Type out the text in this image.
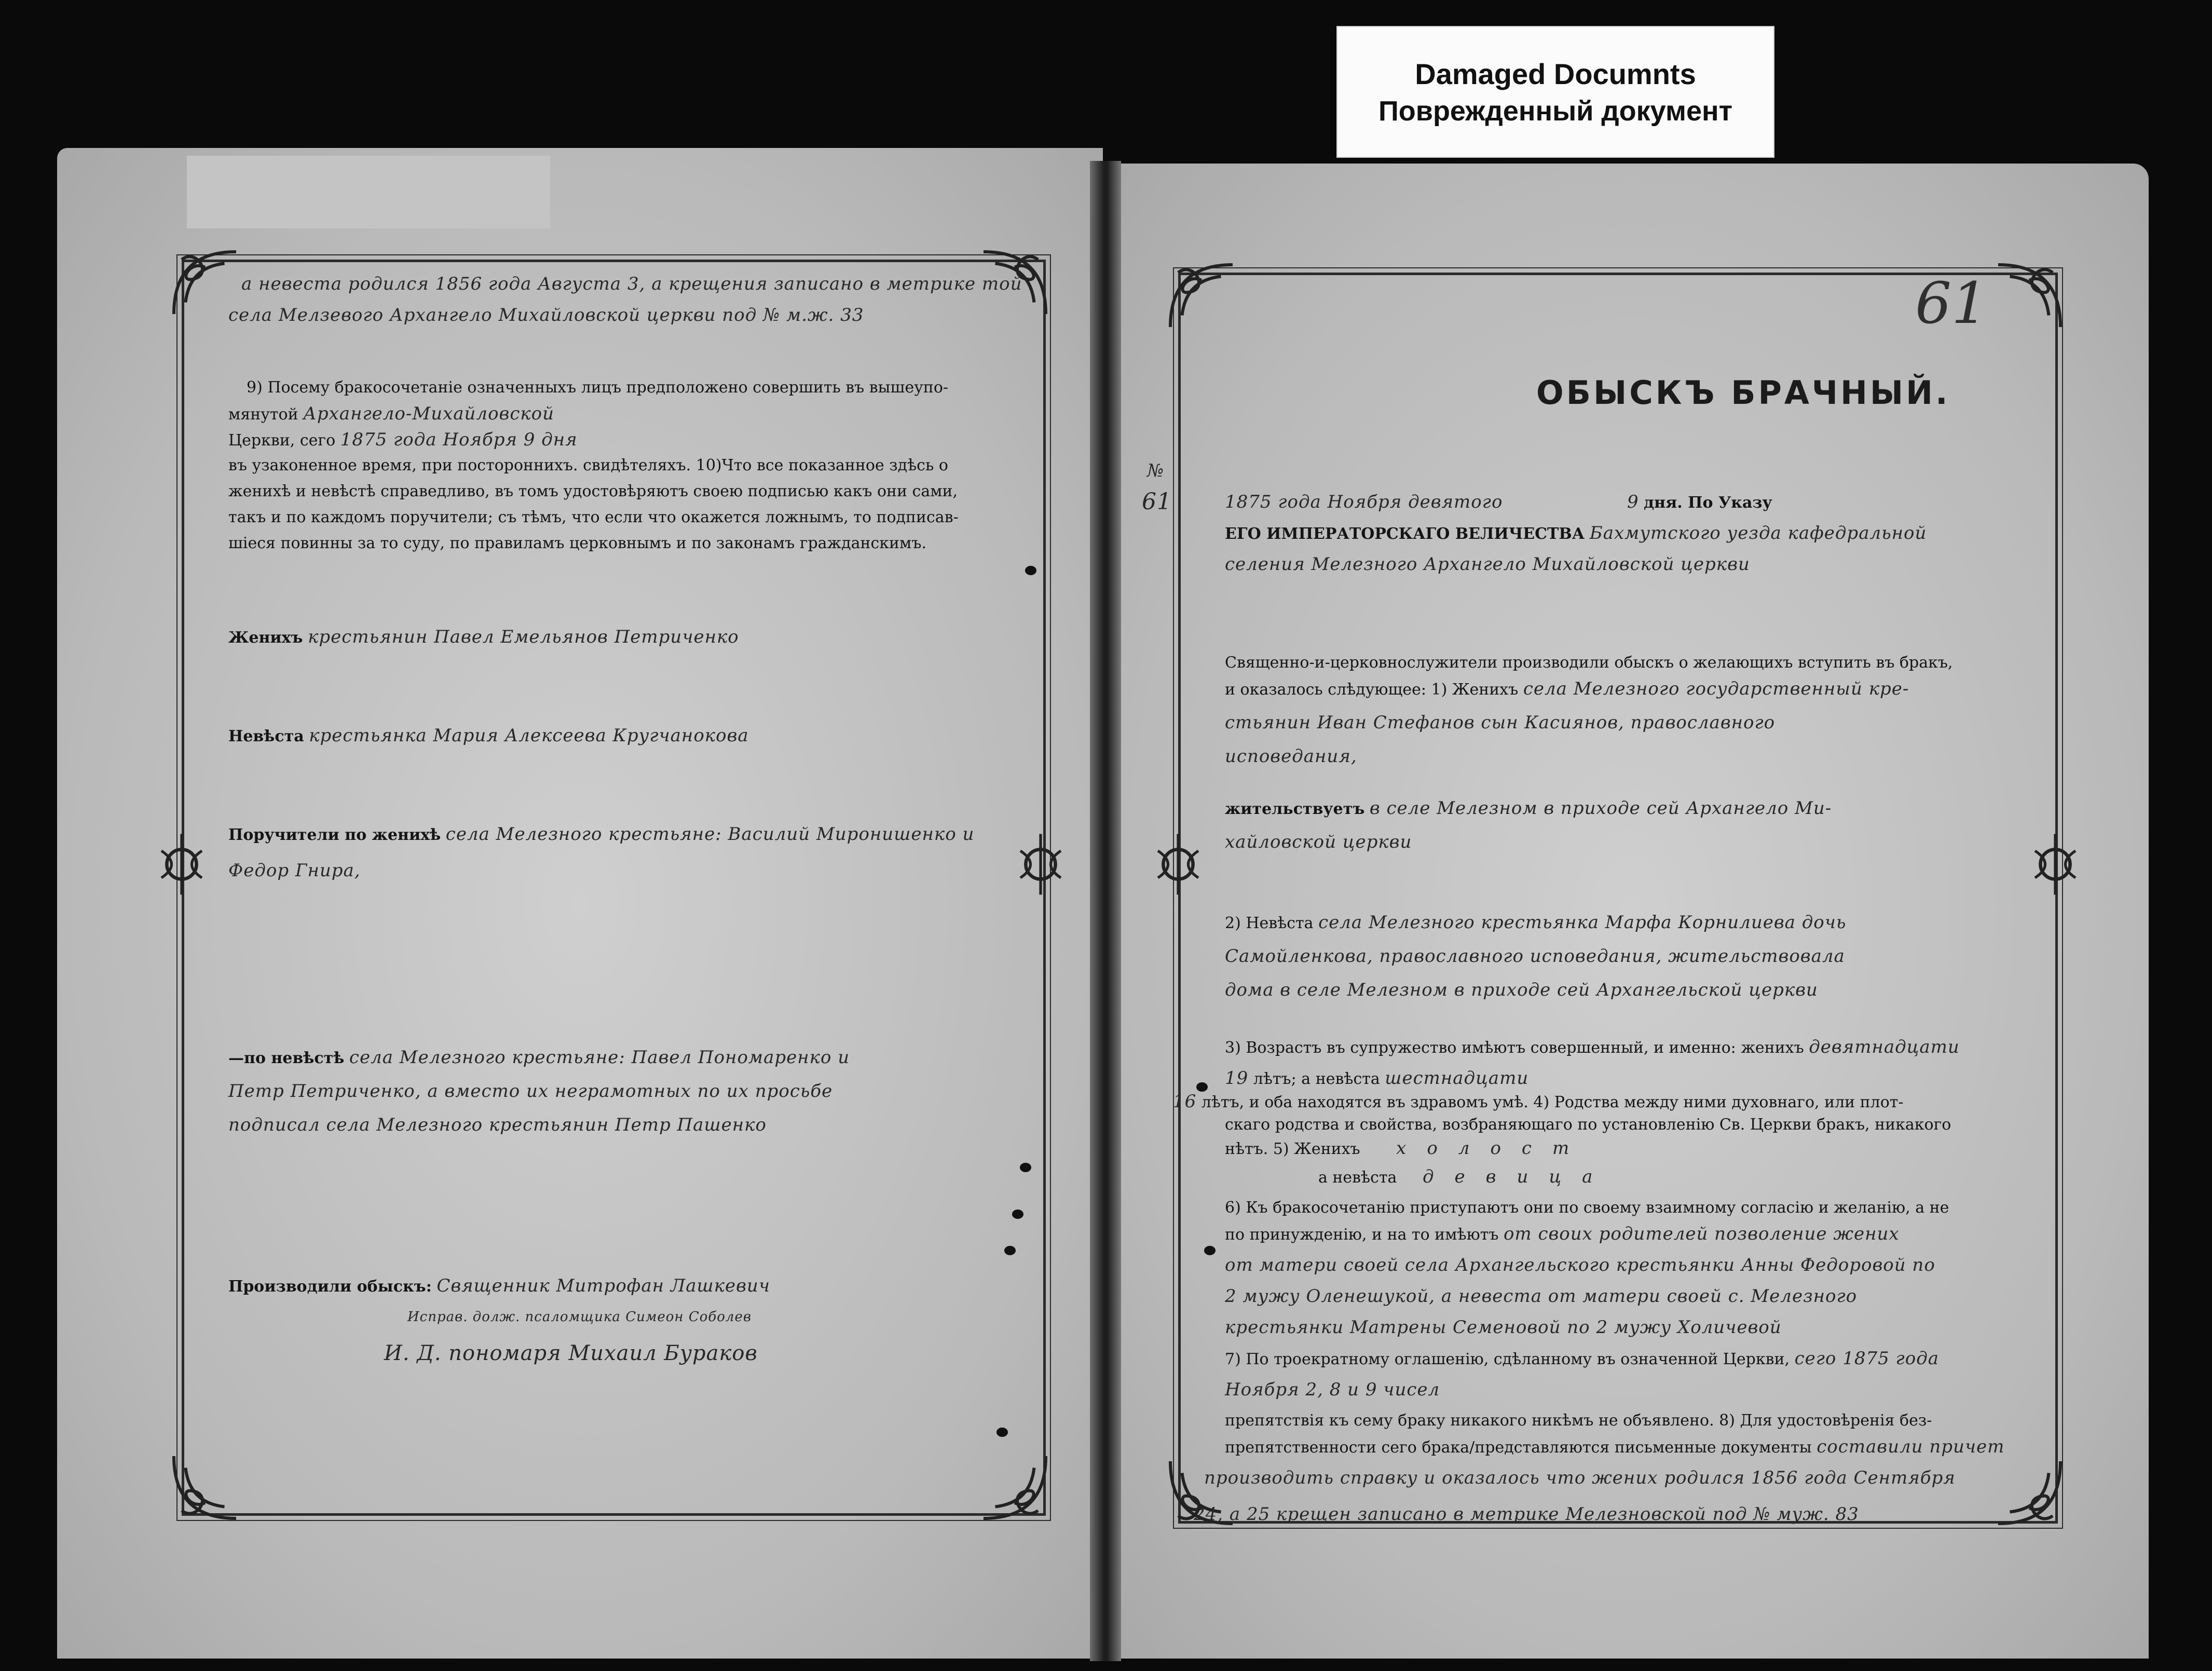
Damaged Documnts
Поврежденный документ
а невеста родился 1856 года Августа 3, а крещения записано в метрике той
села Мелзевого Архангело Михайловской церкви под № м.ж. 33
9) Посему бракосочетаніе означенныхъ лицъ предположено совершить въ вышеупо-
мянутой Архангело-Михайловской
Церкви, сего 1875 года Ноября 9 дня
въ узаконенное время, при постороннихъ. свидѣтеляхъ. 10)Что все показанное здѣсь о
женихѣ и невѣстѣ справедливо, въ томъ удостовѣряютъ своею подписью какъ они сами,
такъ и по каждомъ поручители; съ тѣмъ, что если что окажется ложнымъ, то подписав-
шіеся повинны за то суду, по правиламъ церковнымъ и по законамъ гражданскимъ.
Женихъ крестьянин Павел Емельянов Петриченко
Невѣста крестьянка Мария Алексеева Кругчанокова
Поручители по женихѣ села Мелезного крестьяне: Василий Миронишенко и
Федор Гнира,
—по невѣстѣ села Мелезного крестьяне: Павел Пономаренко и
Петр Петриченко, а вместо их неграмотных по их просьбе
подписал села Мелезного крестьянин Петр Пашенко
Производили обыскъ: Священник Митрофан Лашкевич
Исправ. долж. псаломщика Симеон Соболев
И. Д. пономаря Михаил Бураков
61
ОБЫСКЪ БРАЧНЫЙ.
№
61	1875 года Ноября девятого	9 дня. По Указу
ЕГО ИМПЕРАТОРСКАГО ВЕЛИЧЕСТВА Бахмутского уезда кафедральной
селения Мелезного Архангело Михайловской церкви
Священно-и-церковнослужители производили обыскъ о желающихъ вступить въ бракъ,
и оказалось слѣдующее: 1) Женихъ села Мелезного государственный кре-
стьянин Иван Стефанов сын Касиянов, православного
исповедания,
жительствуетъ в селе Мелезном в приходе сей Архангело Ми-
хайловской церкви
2) Невѣста села Мелезного крестьянка Марфа Корнилиева дочь
Самойленкова, православного исповедания, жительствовала
дома в селе Мелезном в приходе сей Архангельской церкви
3) Возрастъ въ супружество имѣютъ совершенный, и именно: женихъ девятнадцати
19 лѣтъ; а невѣста шестнадцати
16 лѣтъ, и оба находятся въ здравомъ умѣ. 4) Родства между ними духовнаго, или плот-
скаго родства и свойства, возбраняющаго по установленію Св. Церкви бракъ, никакого
нѣтъ. 5) Женихъ холост
а невѣста девица
6) Къ бракосочетанію приступаютъ они по своему взаимному согласію и желанію, а не
по принужденію, и на то имѣютъ от своих родителей позволение жених
от матери своей села Архангельского крестьянки Анны Федоровой по
2 мужу Оленешукой, а невеста от матери своей с. Мелезного
крестьянки Матрены Семеновой по 2 мужу Холичевой
7) По троекратному оглашенію, сдѣланному въ означенной Церкви, сего 1875 года
Ноября 2, 8 и 9 чисел
препятствія къ сему браку никакого никѣмъ не объявлено. 8) Для удостовѣренія без-
препятственности сего брака/представляются письменные документы составили причет
производить справку и оказалось что жених родился 1856 года Сентября
24, а 25 крещен записано в метрике Мелезновской под № муж. 83
